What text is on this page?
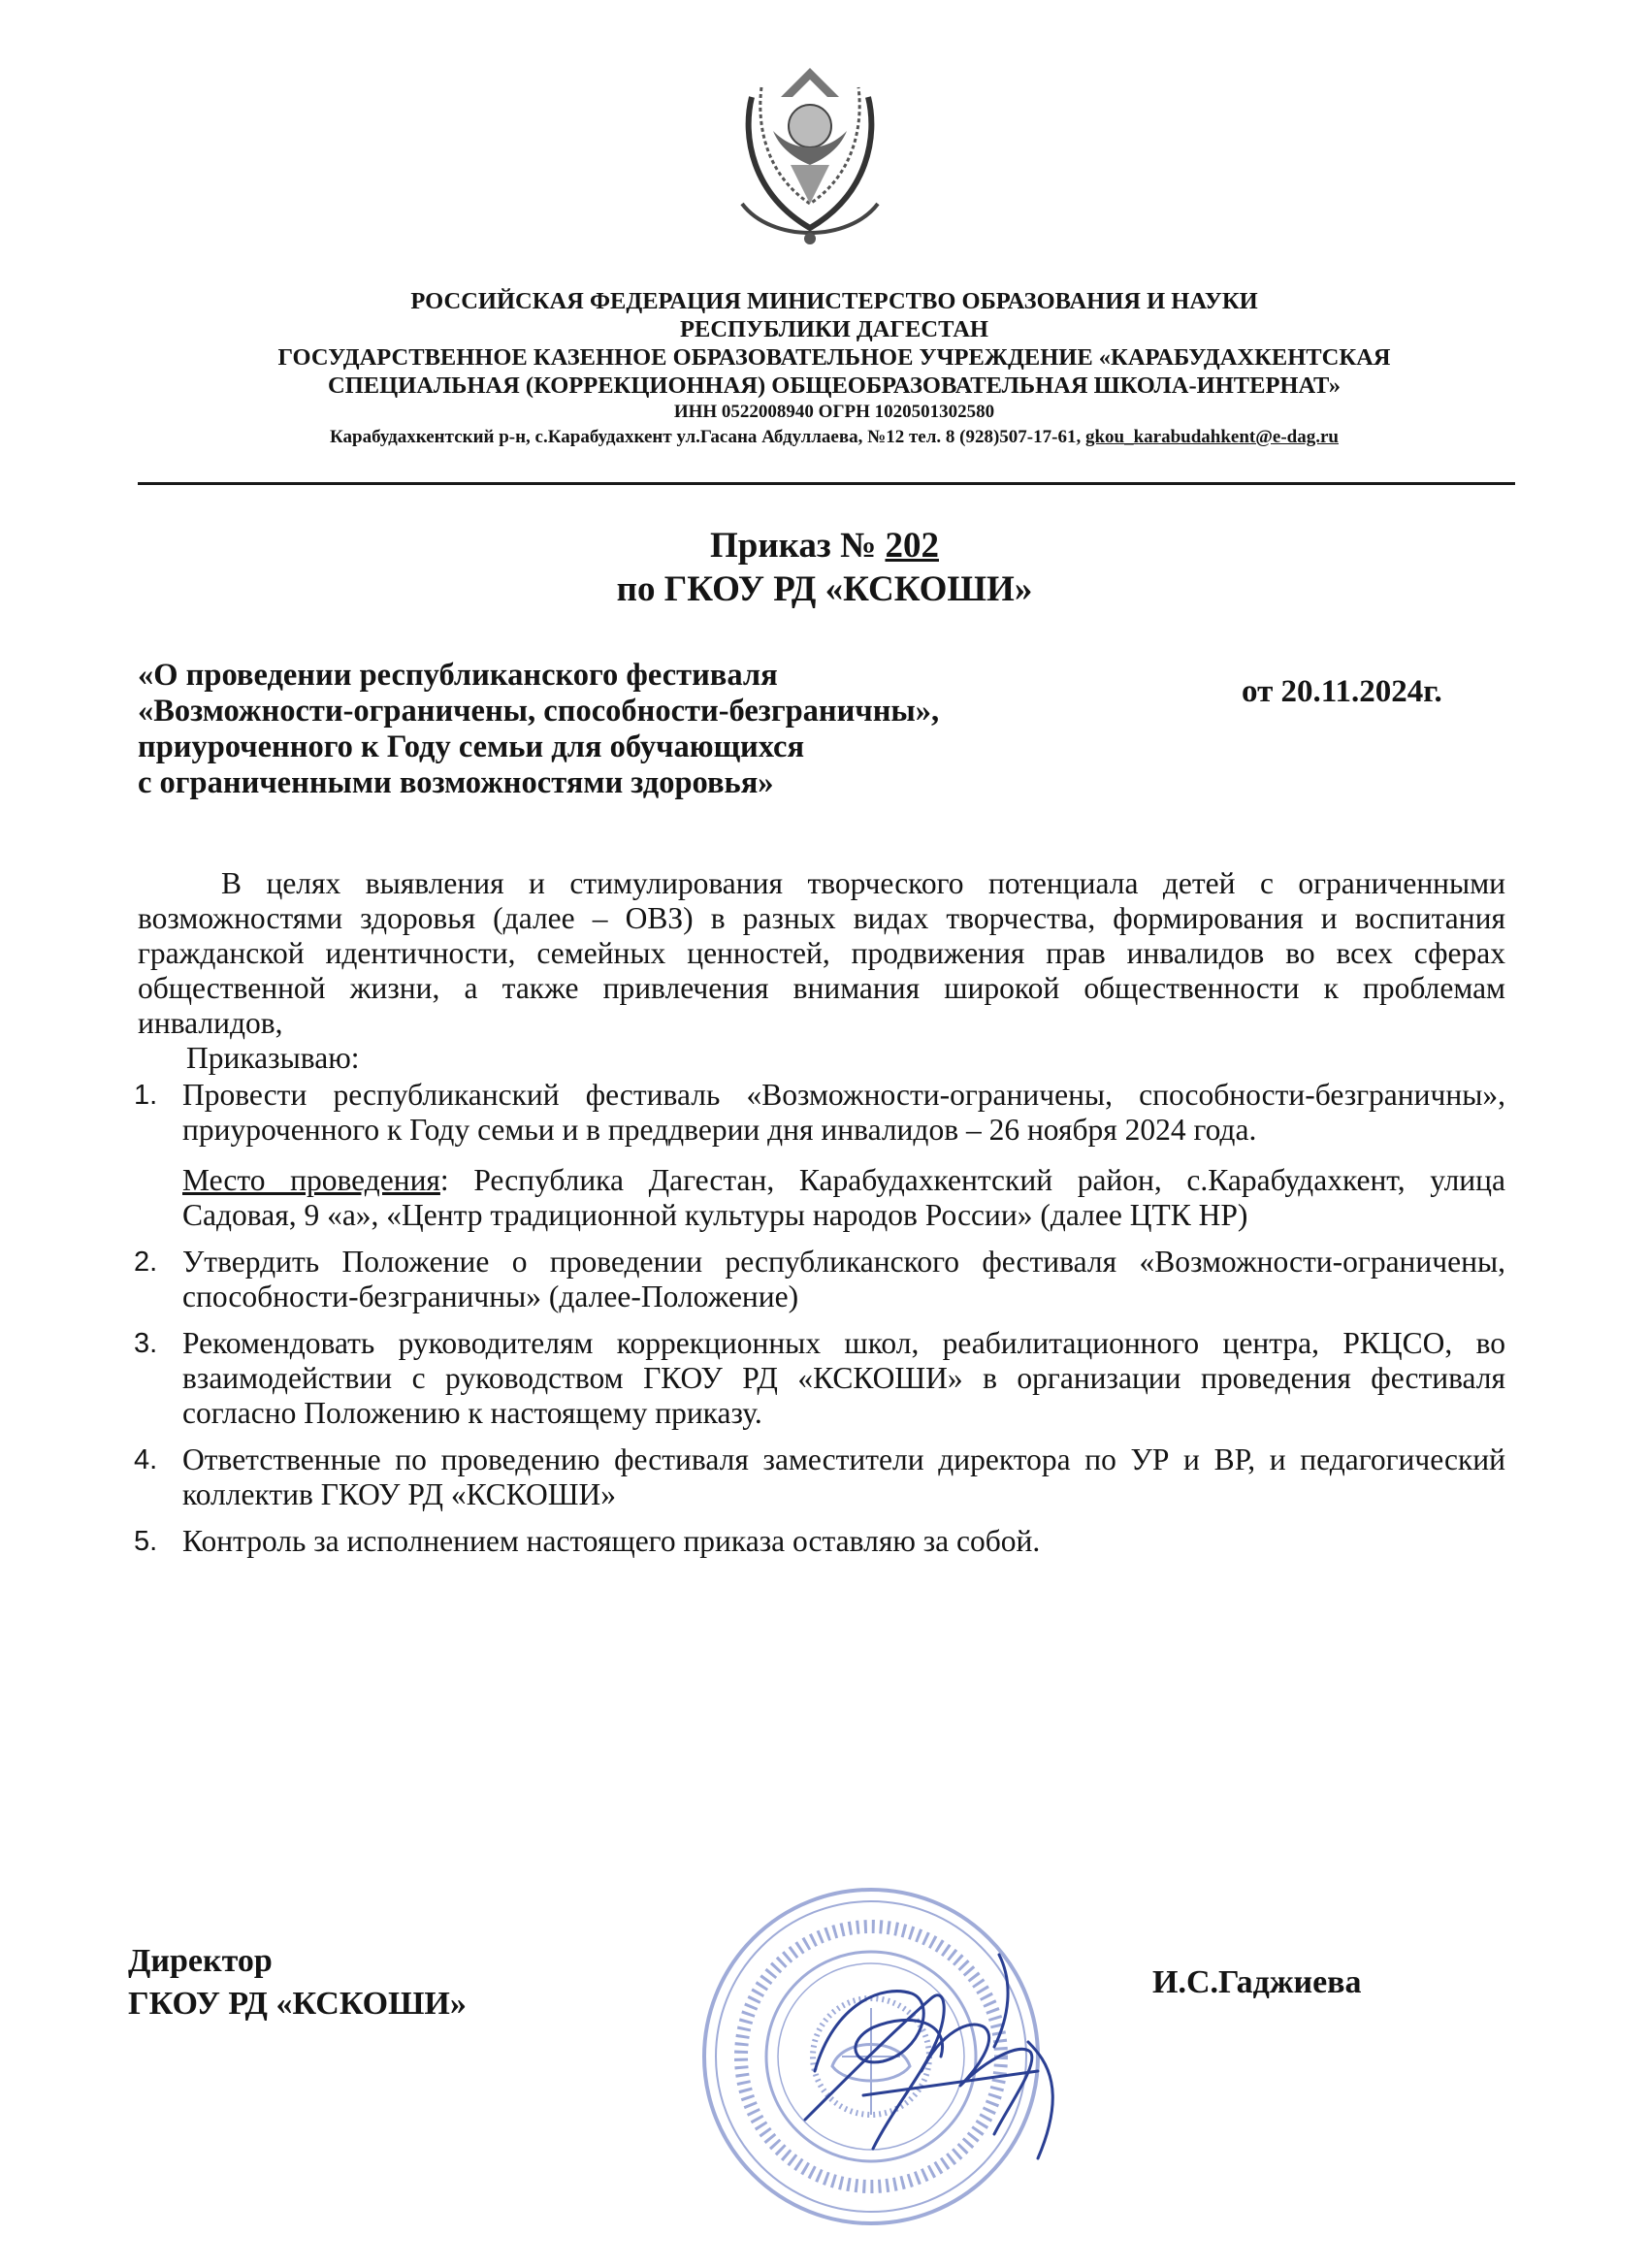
РОССИЙСКАЯ ФЕДЕРАЦИЯ МИНИСТЕРСТВО ОБРАЗОВАНИЯ И НАУКИ
РЕСПУБЛИКИ ДАГЕСТАН
ГОСУДАРСТВЕННОЕ КАЗЕННОЕ ОБРАЗОВАТЕЛЬНОЕ УЧРЕЖДЕНИЕ «КАРАБУДАХКЕНТСКАЯ
СПЕЦИАЛЬНАЯ (КОРРЕКЦИОННАЯ) ОБЩЕОБРАЗОВАТЕЛЬНАЯ ШКОЛА-ИНТЕРНАТ»
ИНН 0522008940 ОГРН 1020501302580
Карабудахкентский р-н, с.Карабудахкент ул.Гасана Абдуллаева, №12 тел. 8 (928)507-17-61, gkou_karabudahkent@e-dag.ru
Приказ № 202
по ГКОУ РД «КСКОШИ»
«О проведении республиканского фестиваля
«Возможности-ограничены, способности-безграничны»,
приуроченного к Году семьи для обучающихся
с ограниченными возможностями здоровья»
от 20.11.2024г.

В целях выявления и стимулирования творческого потенциала детей с ограниченными возможностями здоровья (далее – ОВЗ) в разных видах творчества, формирования и воспитания гражданской идентичности, семейных ценностей, продвижения прав инвалидов во всех сферах общественной жизни, а также привлечения внимания широкой общественности к проблемам инвалидов,

Приказываю:

1. Провести республиканский фестиваль «Возможности-ограничены, способности-безграничны», приуроченного к Году семьи и в преддверии дня инвалидов – 26 ноября 2024 года.

Место проведения: Республика Дагестан, Карабудахкентский район, с.Карабудахкент, улица Садовая, 9 «а», «Центр традиционной культуры народов России» (далее ЦТК НР)

2. Утвердить Положение о проведении республиканского фестиваля «Возможности-ограничены, способности-безграничны» (далее-Положение)

3. Рекомендовать руководителям коррекционных школ, реабилитационного центра, РКЦСО, во взаимодействии с руководством ГКОУ РД «КСКОШИ» в организации проведения фестиваля согласно Положению к настоящему приказу.

4. Ответственные по проведению фестиваля заместители директора по УР и ВР, и педагогический коллектив ГКОУ РД «КСКОШИ»

5. Контроль за исполнением настоящего приказа оставляю за собой.

Директор
ГКОУ РД «КСКОШИ»
И.С.Гаджиева
